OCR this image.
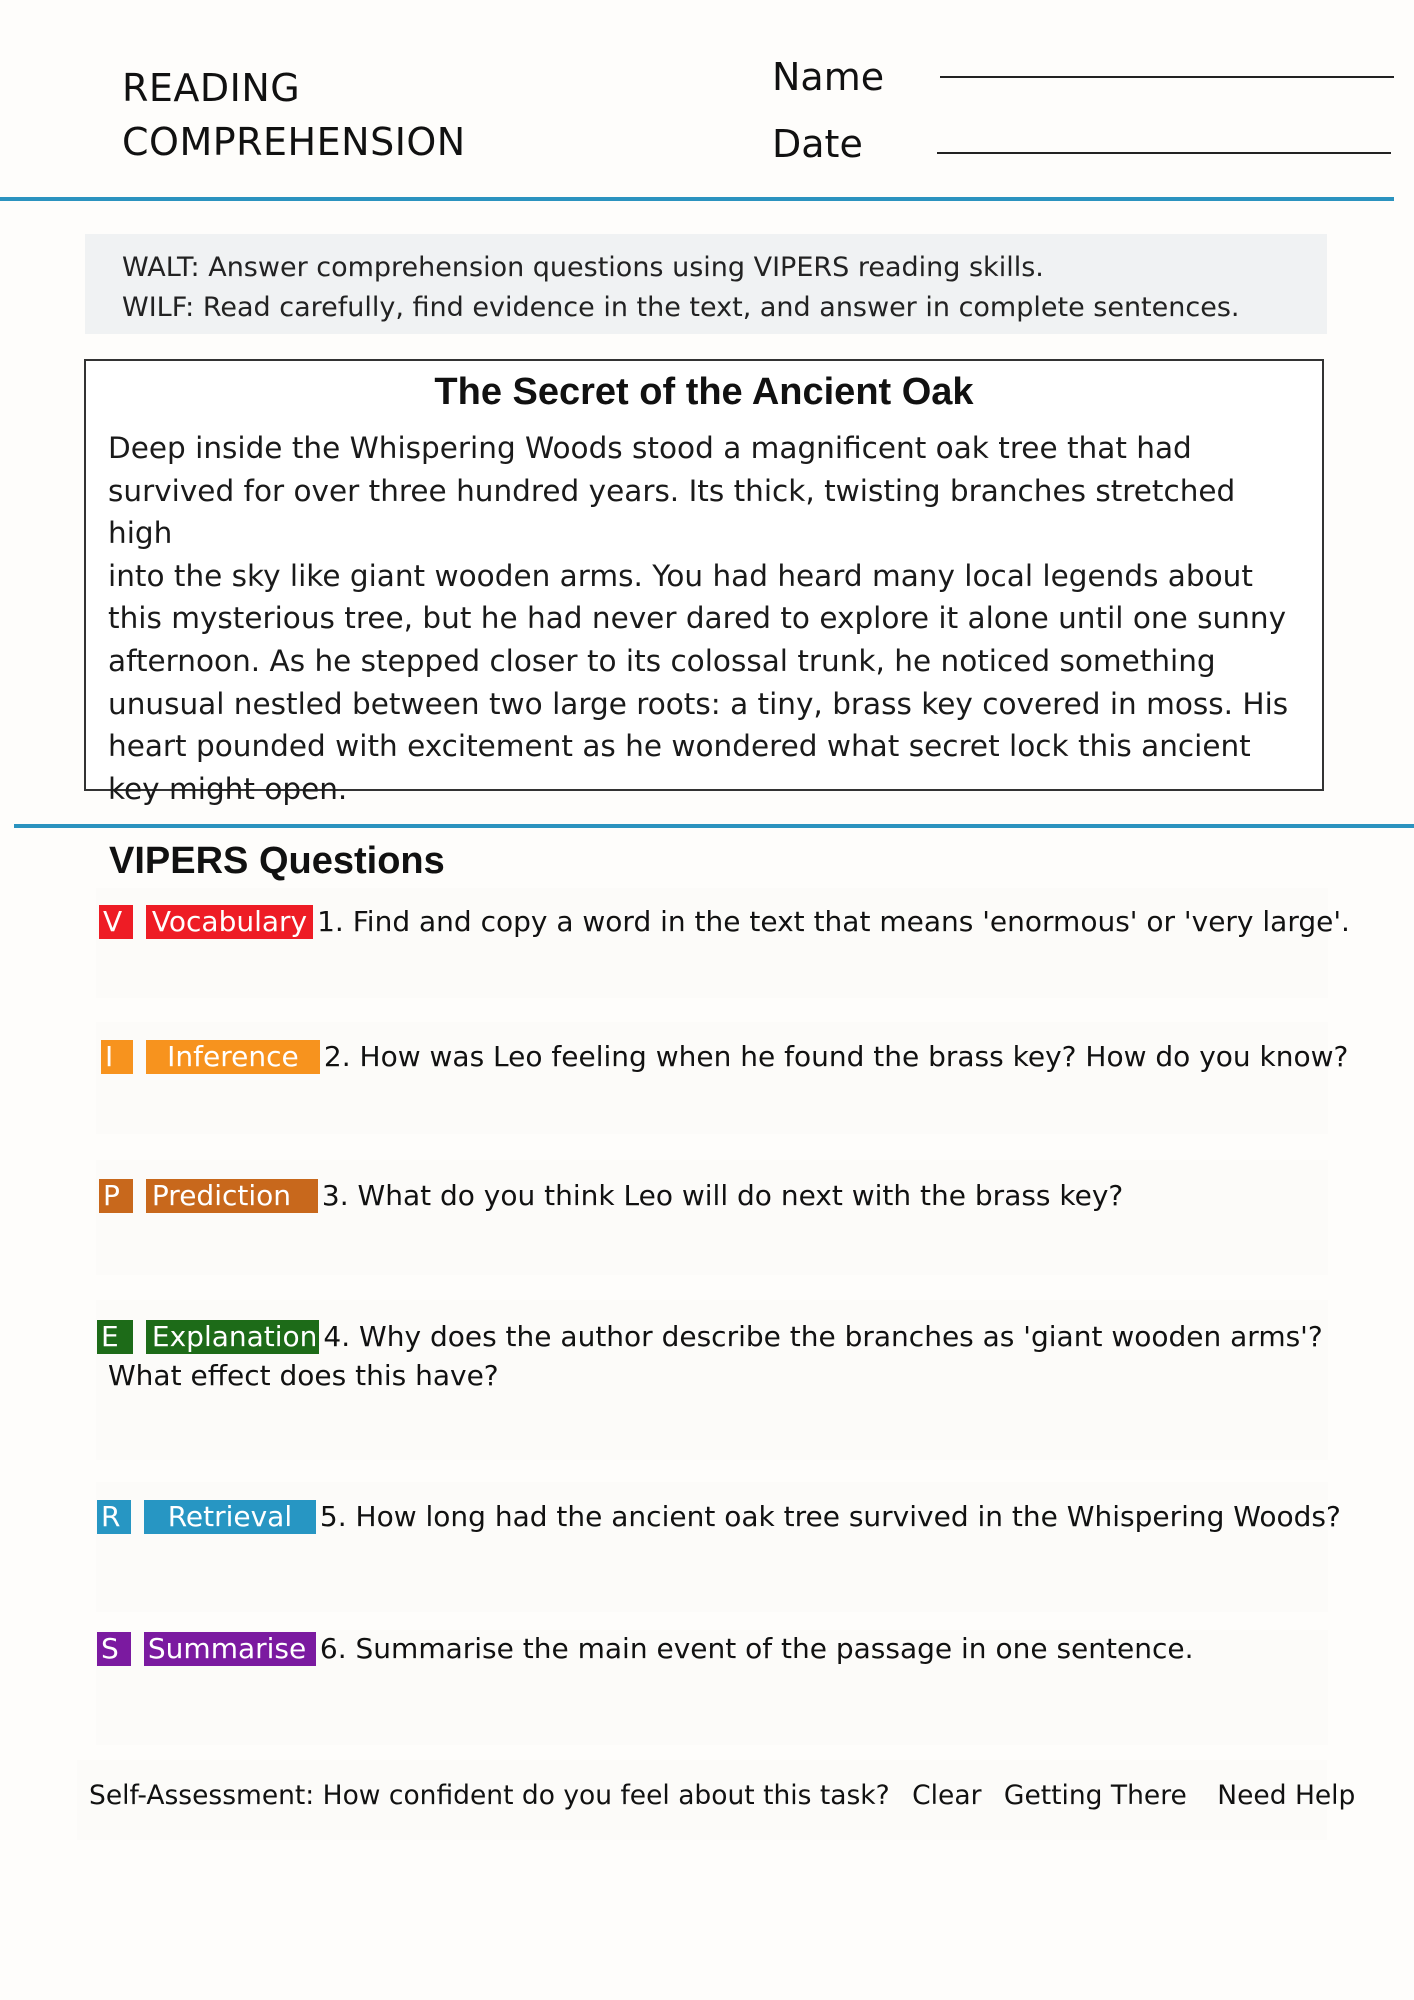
READING
COMPREHENSION
Name
Date
WALT: Answer comprehension questions using VIPERS reading skills.
WILF: Read carefully, find evidence in the text, and answer in complete sentences.
The Secret of the Ancient Oak
Deep inside the Whispering Woods stood a magnificent oak tree that had
survived for over three hundred years. Its thick, twisting branches stretched high
into the sky like giant wooden arms. You had heard many local legends about
this mysterious tree, but he had never dared to explore it alone until one sunny
afternoon. As he stepped closer to its colossal trunk, he noticed something
unusual nestled between two large roots: a tiny, brass key covered in moss. His
heart pounded with excitement as he wondered what secret lock this ancient
key might open.
VIPERS Questions
V Vocabulary 1. Find and copy a word in the text that means 'enormous' or 'very large'.
I Inference 2. How was Leo feeling when he found the brass key? How do you know?
P Prediction 3. What do you think Leo will do next with the brass key?
E Explanation 4. Why does the author describe the branches as 'giant wooden arms'?
What effect does this have?
R Retrieval 5. How long had the ancient oak tree survived in the Whispering Woods?
S Summarise 6. Summarise the main event of the passage in one sentence.
Self-Assessment: How confident do you feel about this task? Clear Getting There Need Help
